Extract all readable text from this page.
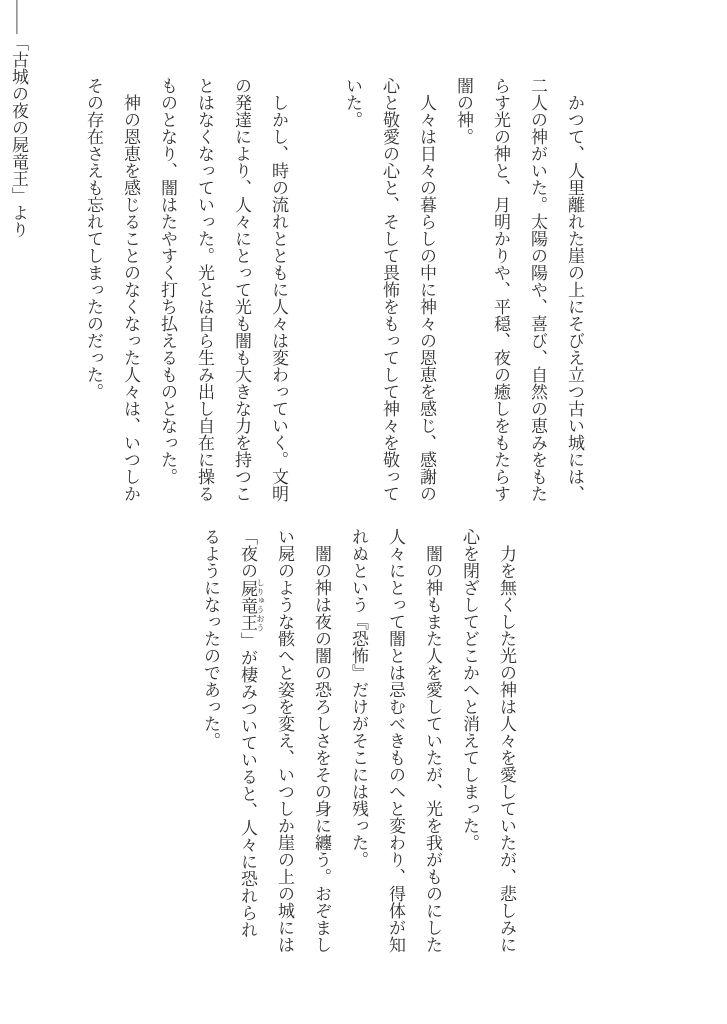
　かつて、人里離れた崖の上にそびえ立つ古い城には、
二人の神がいた。太陽の陽や、喜び、自然の恵みをもた
らす光の神と、月明かりや、平穏、夜の癒しをもたらす
闇の神。
　人々は日々の暮らしの中に神々の恩恵を感じ、感謝の
心と敬愛の心と、そして畏怖をもってして神々を敬って
いた。
　しかし、時の流れとともに人々は変わっていく。文明
の発達により、人々にとって光も闇も大きな力を持つこ
とはなくなっていった。光とは自ら生み出し自在に操る
ものとなり、闇はたやすく打ち払えるものとなった。
　神の恩恵を感じることのなくなった人々は、いつしか
その存在さえも忘れてしまったのだった。
　力を無くした光の神は人々を愛していたが、悲しみに
心を閉ざしてどこかへと消えてしまった。
　闇の神もまた人を愛していたが、光を我がものにした
人々にとって闇とは忌むべきものへと変わり、得体が知
れぬという『恐怖』だけがそこには残った。
　闇の神は夜の闇の恐ろしさをその身に纏う。おぞまし
い屍のような骸へと姿を変え、いつしか崖の上の城には
「夜の屍竜王 しりゅうおう」が棲みついていると、人々に恐れられ
るようになったのであった。
――「古城の夜の屍竜王」より
